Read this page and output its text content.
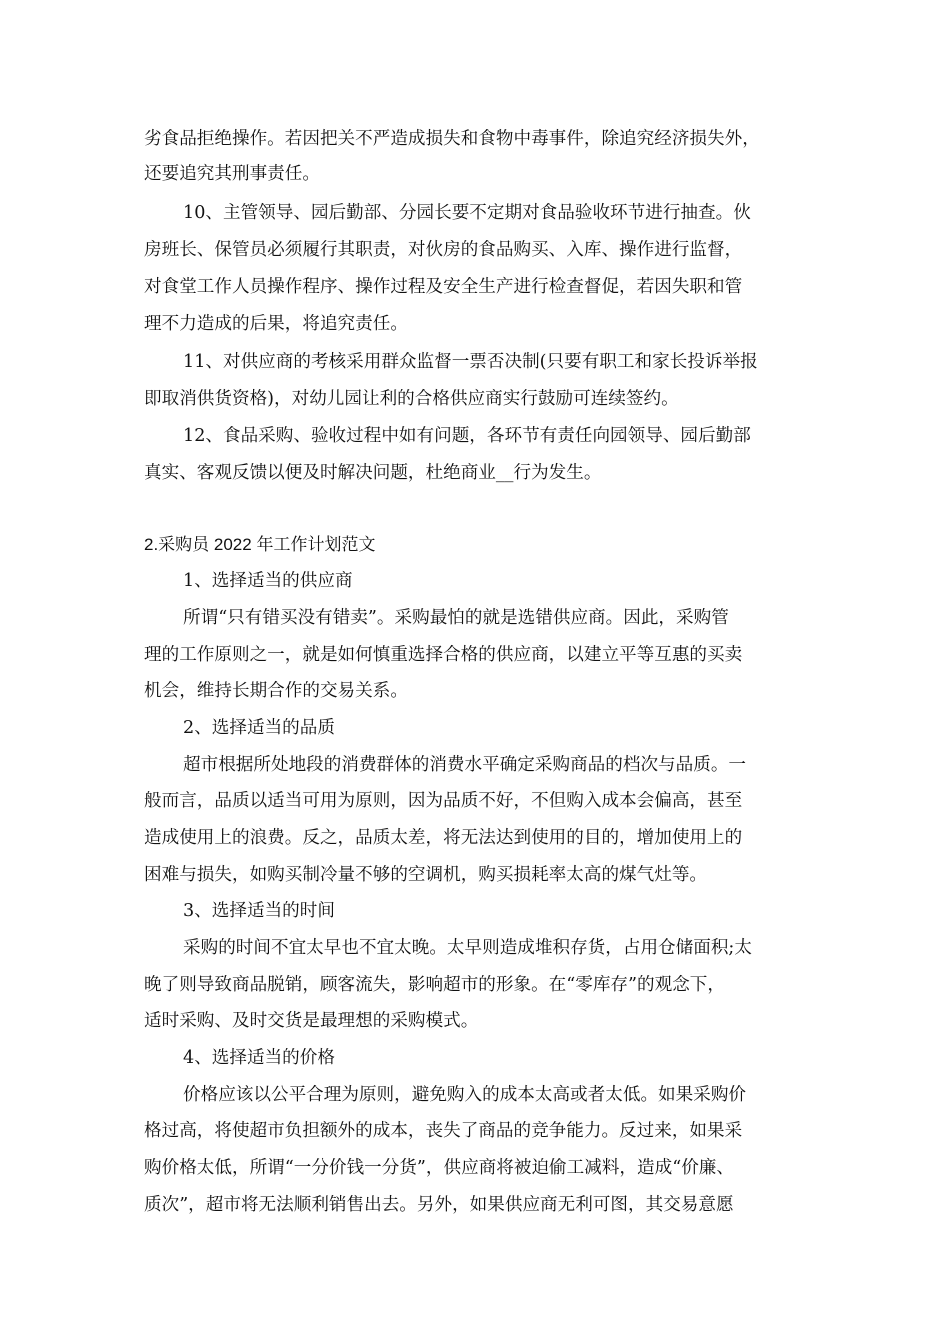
劣食品拒绝操作。若因把关不严造成损失和食物中毒事件，除追究经济损失外，
还要追究其刑事责任。
10、主管领导、园后勤部、分园长要不定期对食品验收环节进行抽查。伙
房班长、保管员必须履行其职责，对伙房的食品购买、入库、操作进行监督，
对食堂工作人员操作程序、操作过程及安全生产进行检查督促，若因失职和管
理不力造成的后果，将追究责任。
11、对供应商的考核采用群众监督一票否决制(只要有职工和家长投诉举报
即取消供货资格)，对幼儿园让利的合格供应商实行鼓励可连续签约。
12、食品采购、验收过程中如有问题，各环节有责任向园领导、园后勤部
真实、客观反馈以便及时解决问题，杜绝商业__行为发生。
2.采购员 2022 年工作计划范文
1、选择适当的供应商
所谓“只有错买没有错卖”。采购最怕的就是选错供应商。因此，采购管
理的工作原则之一，就是如何慎重选择合格的供应商，以建立平等互惠的买卖
机会，维持长期合作的交易关系。
2、选择适当的品质
超市根据所处地段的消费群体的消费水平确定采购商品的档次与品质。一
般而言，品质以适当可用为原则，因为品质不好，不但购入成本会偏高，甚至
造成使用上的浪费。反之，品质太差，将无法达到使用的目的，增加使用上的
困难与损失，如购买制冷量不够的空调机，购买损耗率太高的煤气灶等。
3、选择适当的时间
采购的时间不宜太早也不宜太晚。太早则造成堆积存货，占用仓储面积;太
晚了则导致商品脱销，顾客流失，影响超市的形象。在“零库存”的观念下，
适时采购、及时交货是最理想的采购模式。
4、选择适当的价格
价格应该以公平合理为原则，避免购入的成本太高或者太低。如果采购价
格过高，将使超市负担额外的成本，丧失了商品的竞争能力。反过来，如果采
购价格太低，所谓“一分价钱一分货”，供应商将被迫偷工减料，造成“价廉、
质次”，超市将无法顺利销售出去。另外，如果供应商无利可图，其交易意愿
